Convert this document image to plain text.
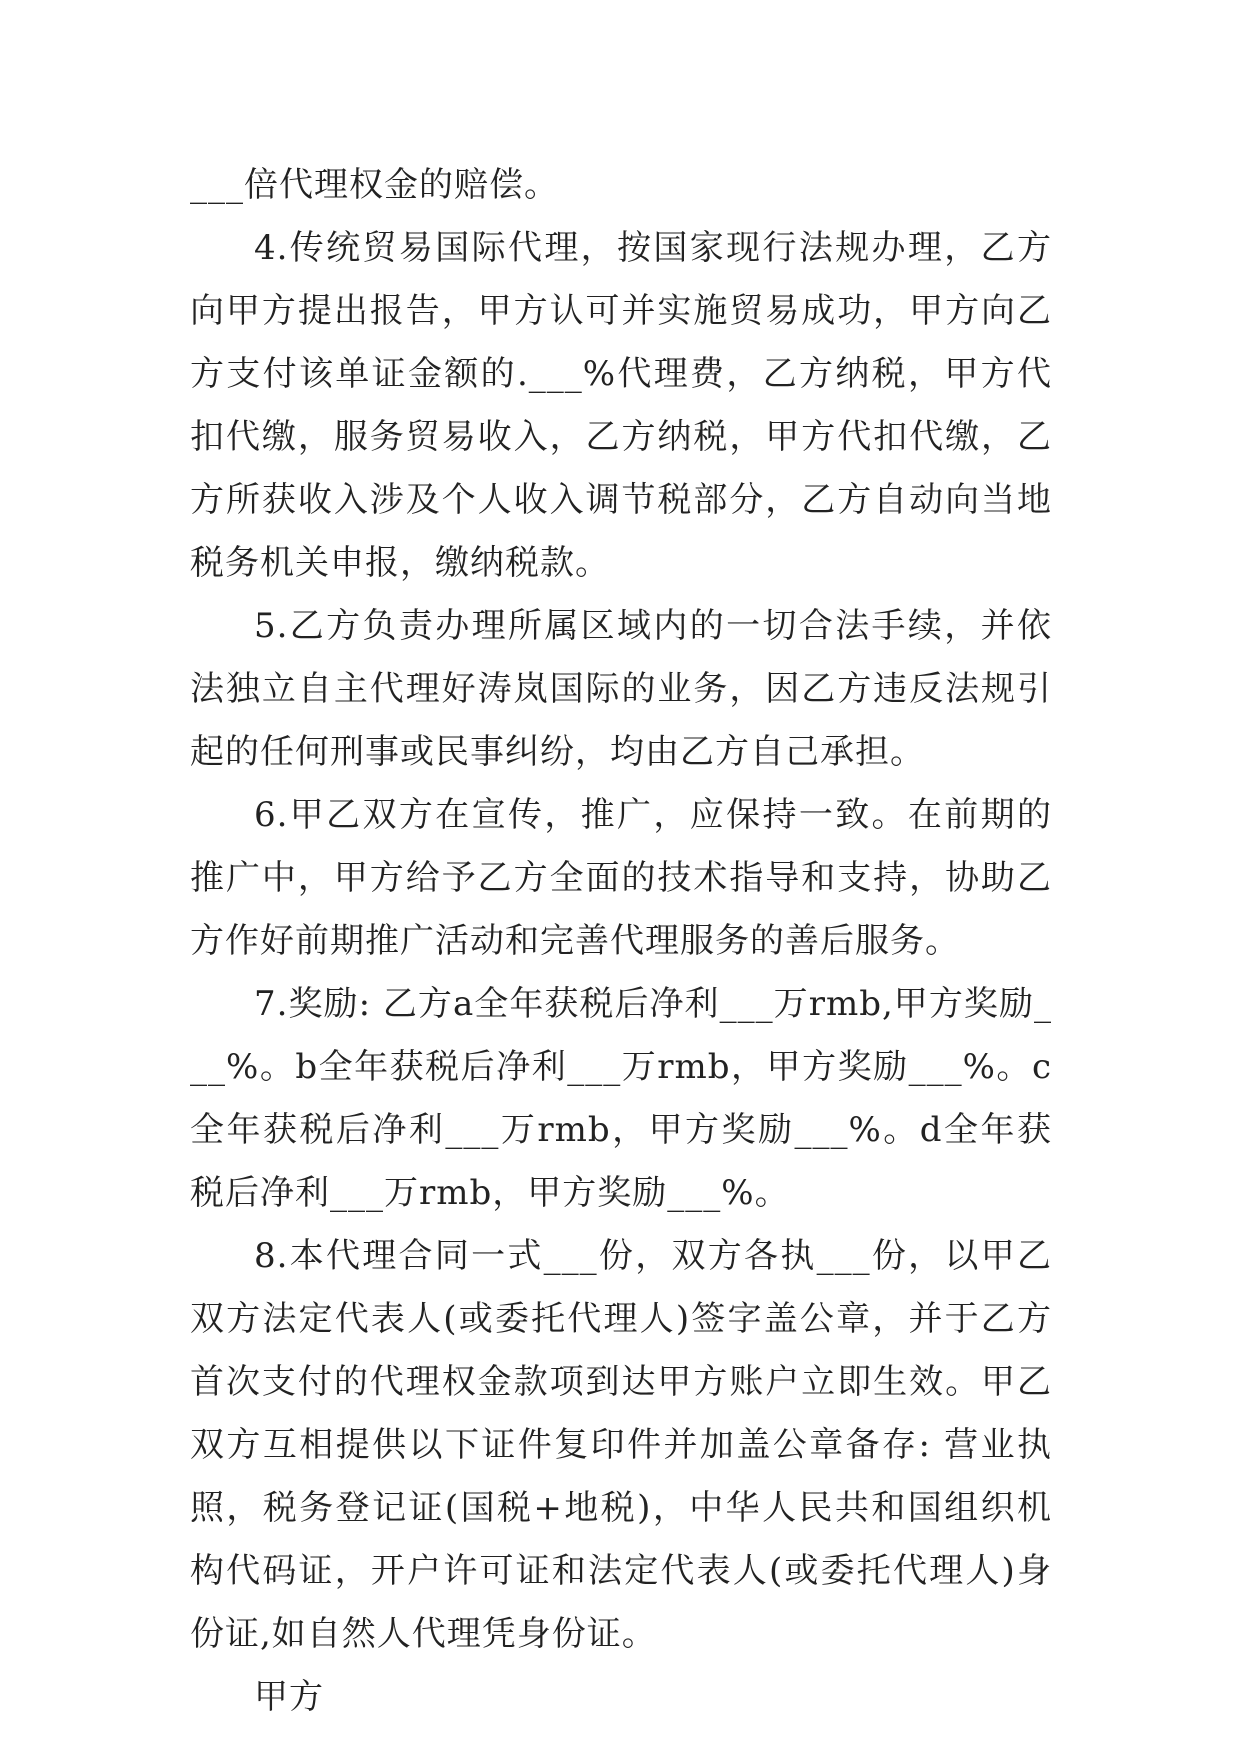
___倍代理权金的赔偿。

4.传统贸易国际代理，按国家现行法规办理，乙方向甲方提出报告，甲方认可并实施贸易成功，甲方向乙方支付该单证金额的.___%代理费，乙方纳税，甲方代扣代缴，服务贸易收入，乙方纳税，甲方代扣代缴，乙方所获收入涉及个人收入调节税部分，乙方自动向当地税务机关申报，缴纳税款。

5.乙方负责办理所属区域内的一切合法手续，并依法独立自主代理好涛岚国际的业务，因乙方违反法规引起的任何刑事或民事纠纷，均由乙方自己承担。

6.甲乙双方在宣传，推广，应保持一致。在前期的推广中，甲方给予乙方全面的技术指导和支持，协助乙方作好前期推广活动和完善代理服务的善后服务。

7.奖励: 乙方a全年获税后净利___万rmb,甲方奖励___%。b全年获税后净利___万rmb，甲方奖励___%。c全年获税后净利___万rmb，甲方奖励___%。d全年获税后净利___万rmb，甲方奖励___%。

8.本代理合同一式___份，双方各执___份，以甲乙双方法定代表人(或委托代理人)签字盖公章，并于乙方首次支付的代理权金款项到达甲方账户立即生效。甲乙双方互相提供以下证件复印件并加盖公章备存: 营业执照，税务登记证(国税+地税)，中华人民共和国组织机构代码证，开户许可证和法定代表人(或委托代理人)身份证,如自然人代理凭身份证。

甲方
